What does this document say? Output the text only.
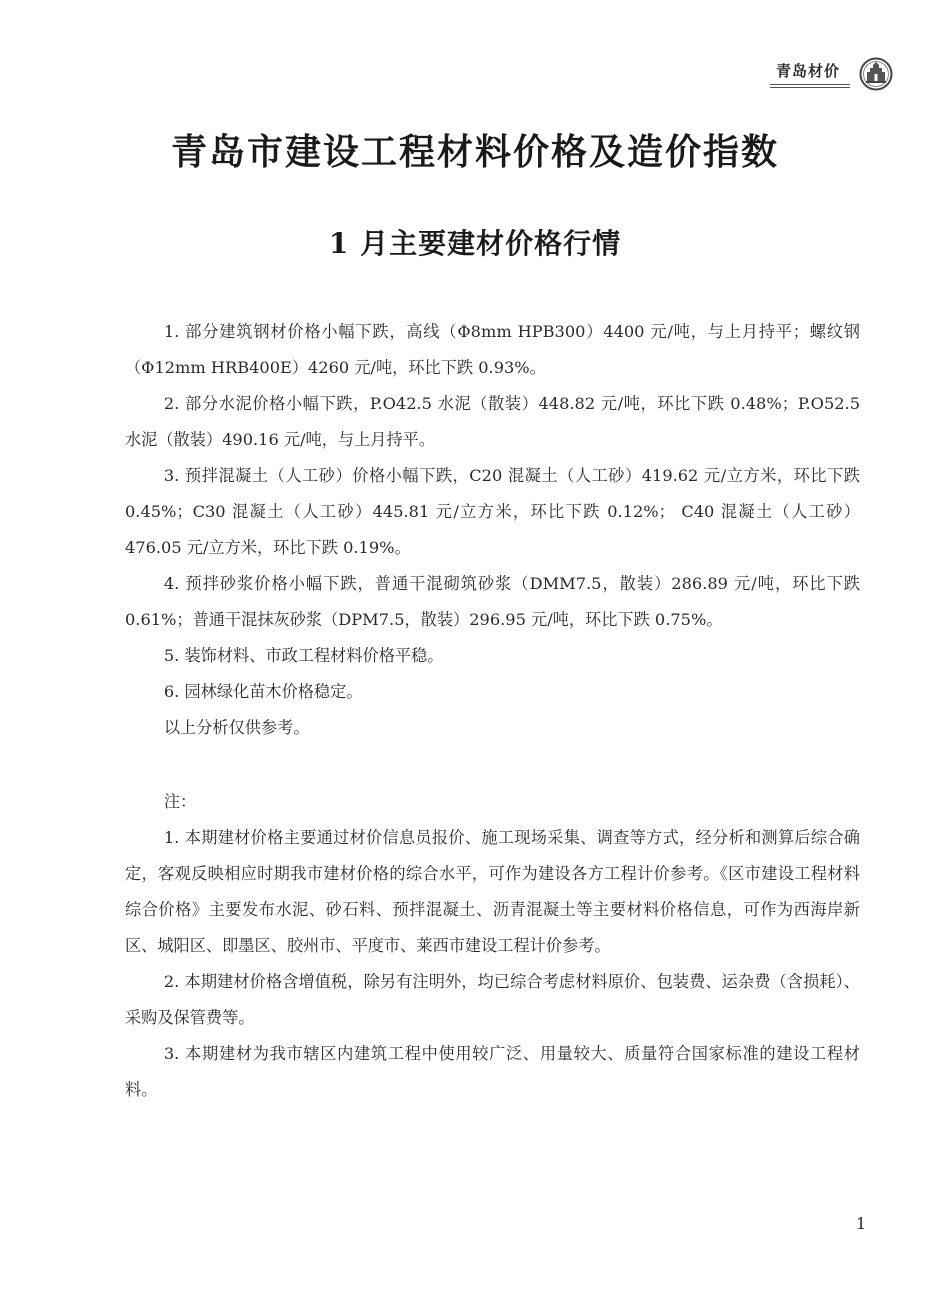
青岛材价
青岛市建设工程材料价格及造价指数
1 月主要建材价格行情

1. 部分建筑钢材价格小幅下跌，高线（Φ8mm HPB300）4400 元/吨，与上月持平；螺纹钢（Φ12mm HRB400E）4260 元/吨，环比下跌 0.93%。

2. 部分水泥价格小幅下跌，P.O42.5 水泥（散装）448.82 元/吨，环比下跌 0.48%；P.O52.5 水泥（散装）490.16 元/吨，与上月持平。

3. 预拌混凝土（人工砂）价格小幅下跌，C20 混凝土（人工砂）419.62 元/立方米，环比下跌 0.45%；C30 混凝土（人工砂）445.81 元/立方米，环比下跌 0.12%； C40 混凝土（人工砂）476.05 元/立方米，环比下跌 0.19%。

4. 预拌砂浆价格小幅下跌，普通干混砌筑砂浆（DMM7.5，散装）286.89 元/吨，环比下跌 0.61%；普通干混抹灰砂浆（DPM7.5，散装）296.95 元/吨，环比下跌 0.75%。

5. 装饰材料、市政工程材料价格平稳。

6. 园林绿化苗木价格稳定。

以上分析仅供参考。

注：

1. 本期建材价格主要通过材价信息员报价、施工现场采集、调查等方式，经分析和测算后综合确定，客观反映相应时期我市建材价格的综合水平，可作为建设各方工程计价参考。《区市建设工程材料综合价格》主要发布水泥、砂石料、预拌混凝土、沥青混凝土等主要材料价格信息，可作为西海岸新区、城阳区、即墨区、胶州市、平度市、莱西市建设工程计价参考。

2. 本期建材价格含增值税，除另有注明外，均已综合考虑材料原价、包装费、运杂费（含损耗）、采购及保管费等。

3. 本期建材为我市辖区内建筑工程中使用较广泛、用量较大、质量符合国家标准的建设工程材料。

1
